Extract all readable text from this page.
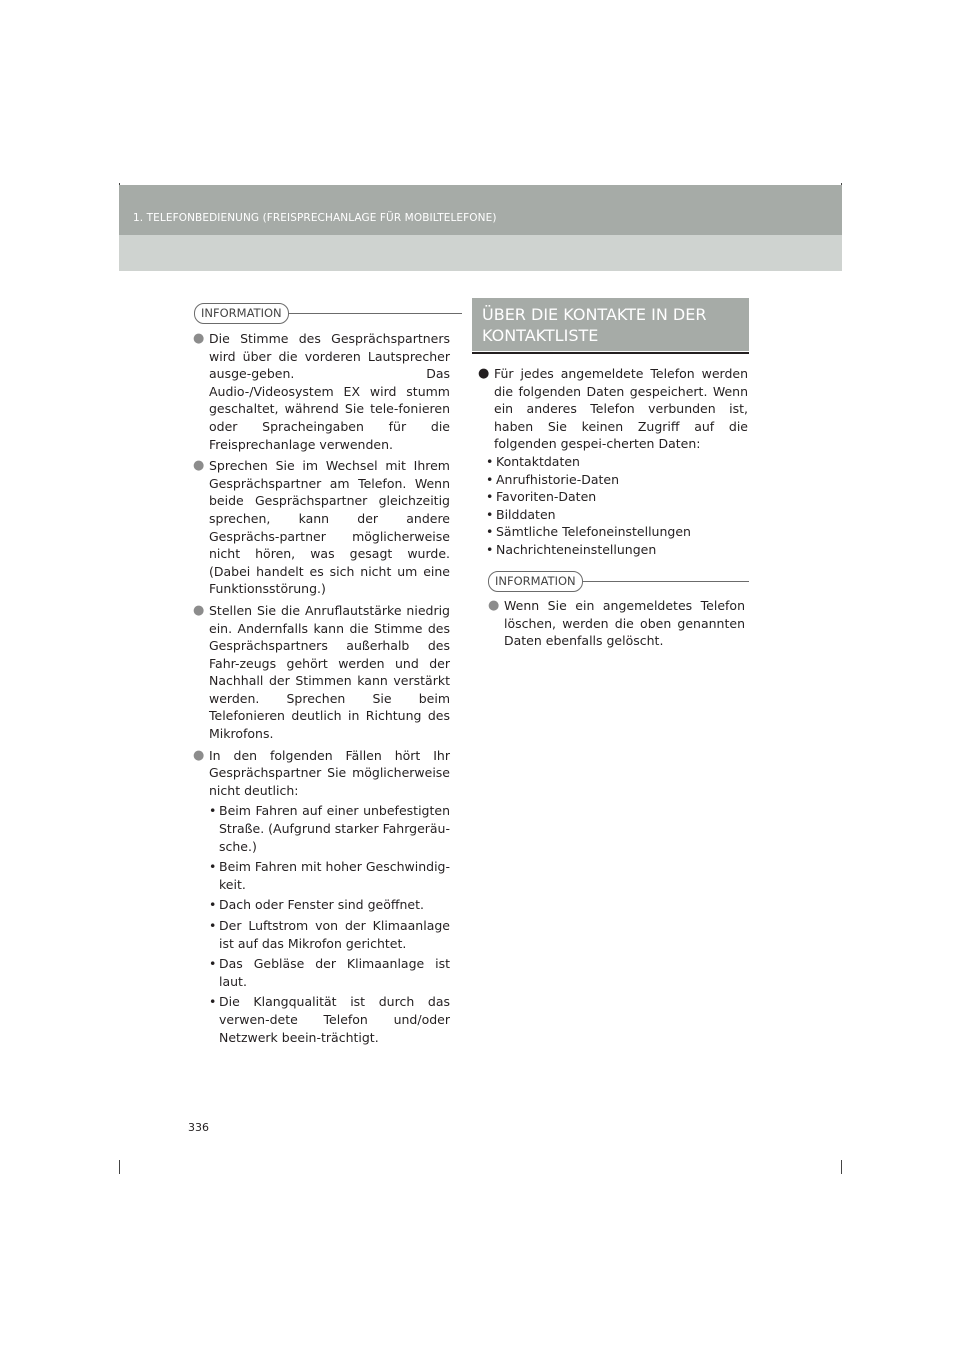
1. TELEFONBEDIENUNG (FREISPRECHANLAGE FÜR MOBILTELEFONE)
INFORMATION

● Die Stimme des Gesprächspartners wird über die vorderen Lautsprecher ausge-geben. Das Audio-/Videosystem EX wird stumm geschaltet, während Sie tele-fonieren oder Spracheingaben für die Freisprechanlage verwenden.

● Sprechen Sie im Wechsel mit Ihrem Gesprächspartner am Telefon. Wenn beide Gesprächspartner gleichzeitig sprechen, kann der andere Gesprächs-partner möglicherweise nicht hören, was gesagt wurde. (Dabei handelt es sich nicht um eine Funktionsstörung.)

● Stellen Sie die Anruflautstärke niedrig ein. Andernfalls kann die Stimme des Gesprächspartners außerhalb des Fahr-zeugs gehört werden und der Nachhall der Stimmen kann verstärkt werden. Sprechen Sie beim Telefonieren deutlich in Richtung des Mikrofons.

● In den folgenden Fällen hört Ihr Gesprächspartner Sie möglicherweise nicht deutlich:

• Beim Fahren auf einer unbefestigten Straße. (Aufgrund starker Fahrgeräu-sche.)

• Beim Fahren mit hoher Geschwindig-keit.

• Dach oder Fenster sind geöffnet.

• Der Luftstrom von der Klimaanlage ist auf das Mikrofon gerichtet.

• Das Gebläse der Klimaanlage ist laut.

• Die Klangqualität ist durch das verwen-dete Telefon und/oder Netzwerk beein-trächtigt.

ÜBER DIE KONTAKTE IN DER
KONTAKTLISTE

● Für jedes angemeldete Telefon werden die folgenden Daten gespeichert. Wenn ein anderes Telefon verbunden ist, haben Sie keinen Zugriff auf die folgenden gespei-cherten Daten:

• Kontaktdaten

• Anrufhistorie-Daten

• Favoriten-Daten

• Bilddaten

• Sämtliche Telefoneinstellungen

• Nachrichteneinstellungen

INFORMATION

● Wenn Sie ein angemeldetes Telefon löschen, werden die oben genannten Daten ebenfalls gelöscht.

336
